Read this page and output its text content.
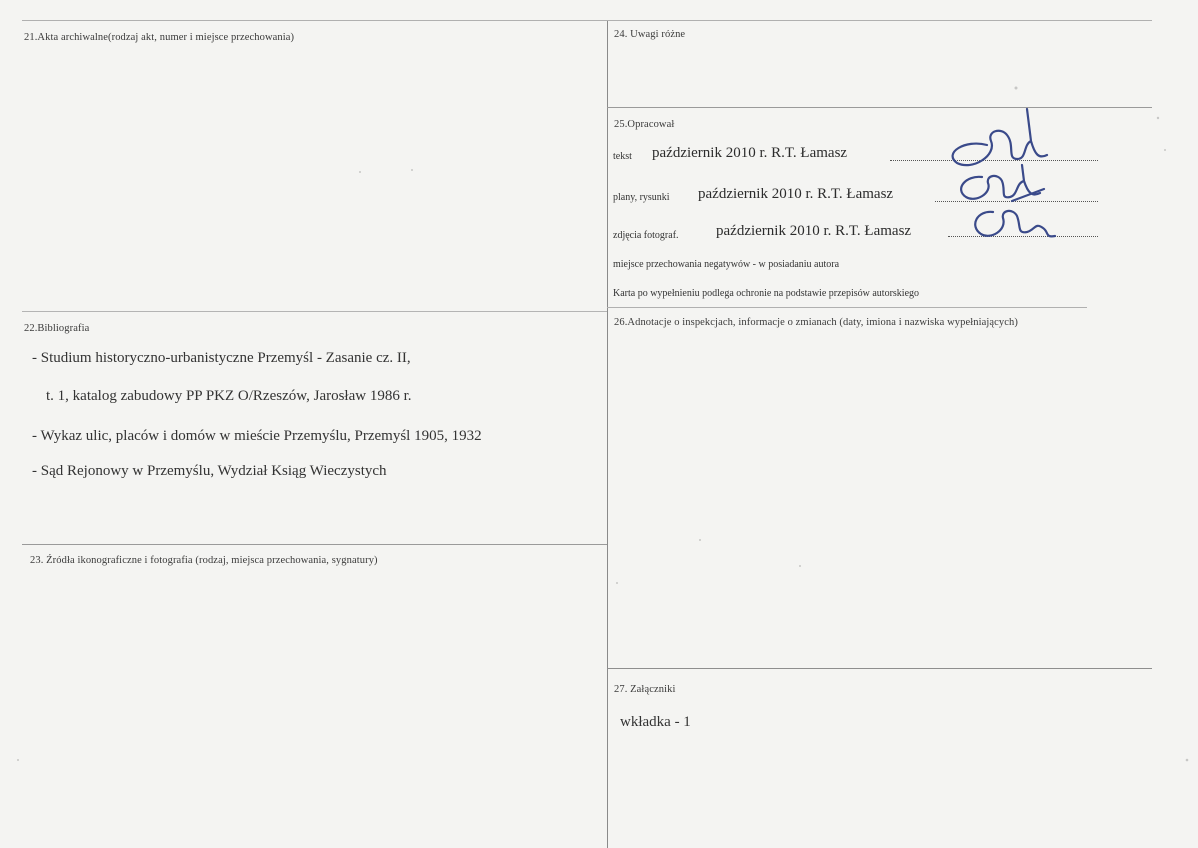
21.Akta archiwalne(rodzaj akt, numer i miejsce przechowania)	24. Uwagi różne
25.Opracował
tekst październik 2010 r. R.T. Łamasz
plany, rysunki październik 2010 r. R.T. Łamasz
zdjęcia fotograf. październik 2010 r. R.T. Łamasz
miejsce przechowania negatywów - w posiadaniu autora
Karta po wypełnieniu podlega ochronie na podstawie przepisów autorskiego
26.Adnotacje o inspekcjach, informacje o zmianach (daty, imiona i nazwiska wypełniających)
22.Bibliografia
- Studium historyczno-urbanistyczne Przemyśl - Zasanie cz. II,
t. 1, katalog zabudowy PP PKZ O/Rzeszów, Jarosław 1986 r.
- Wykaz ulic, placów i domów w mieście Przemyślu, Przemyśl 1905, 1932
- Sąd Rejonowy w Przemyślu, Wydział Ksiąg Wieczystych
23. Źródła ikonograficzne i fotografia (rodzaj, miejsca przechowania, sygnatury)
27. Załączniki
wkładka - 1
